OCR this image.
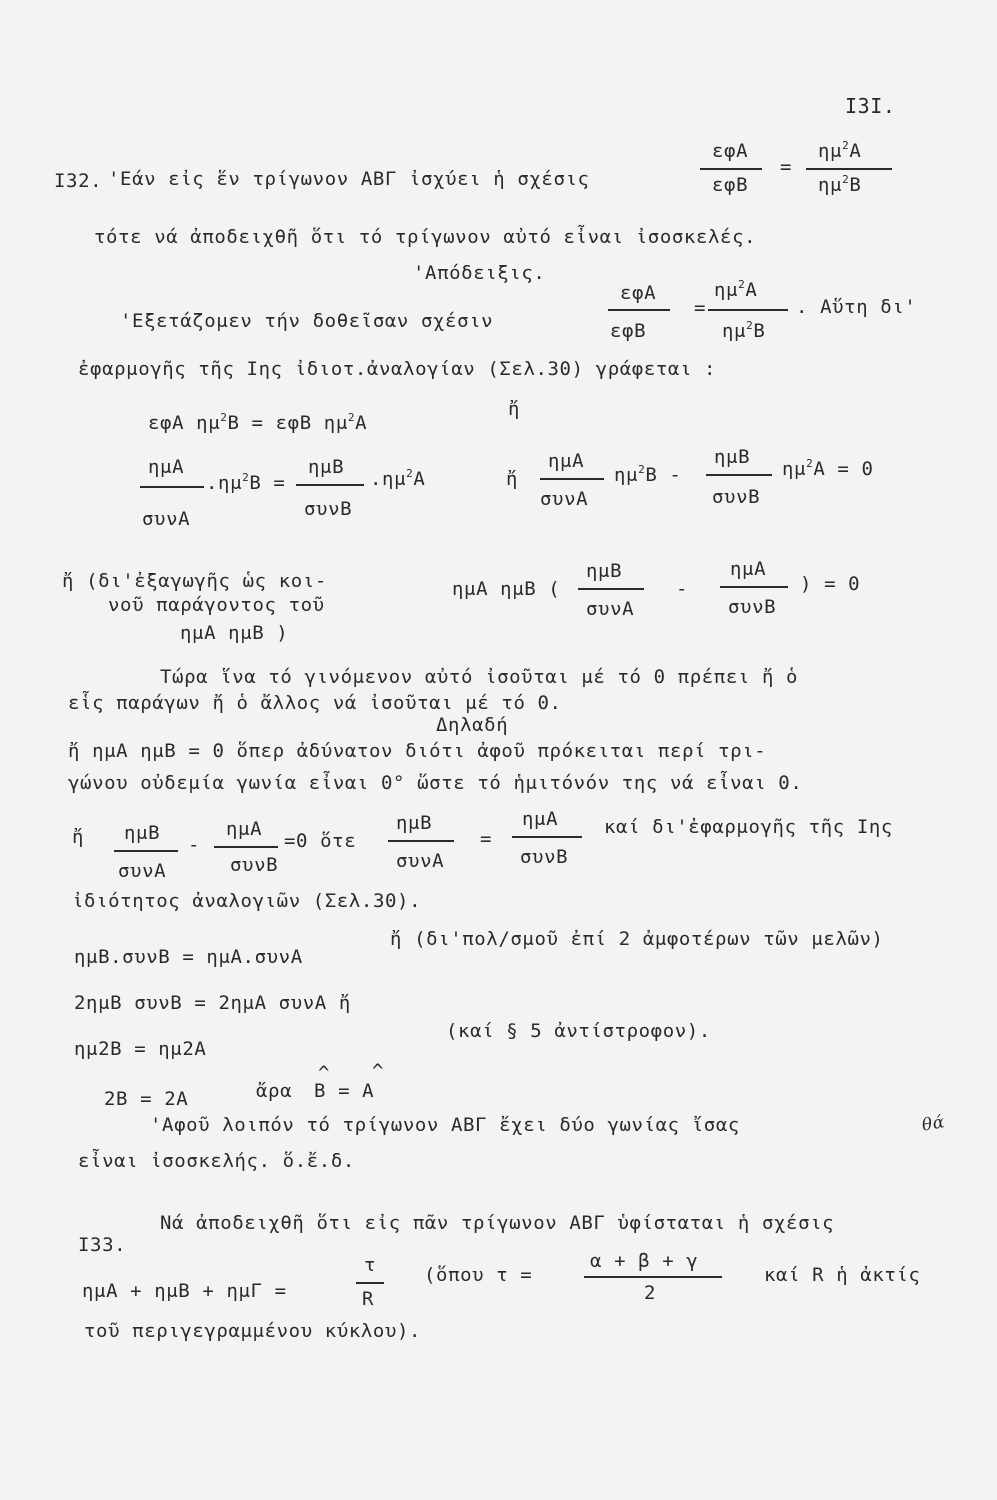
I3I.
I32. 'Εάν εἰς ἕν τρίγωνον ΑΒΓ ἰσχύει ἡ σχέσις
εφΑ
εφΒ
=
$\eta\mu^2A$
$\eta\mu^2B$
τότε νά ἀποδειχθῆ ὅτι τό τρίγωνον αὐτό εἶναι ἰσοσκελές.
'Απόδειξις.
'Εξετάζομεν τήν δοθεῖσαν σχέσιν
εφΑ
εφΒ
=
$\eta\mu^2A$
$\eta\mu^2B$
. Αὕτη δι'
ἐφαρμογῆς τῆς Ιης ἰδιοτ.ἀναλογίαν (Σελ.30) γράφεται :
εφΑ $\eta\mu^2B = \varepsilon\varphi B$ $\eta\mu^2A$
ἤ
ημΑ
συνΑ
$.\eta\mu^2B$ =
ημΒ
συνΒ
$.\eta\mu^2A$	ἤ
ημΑ
συνΑ
$\eta\mu^2B$ -
ημΒ
συνΒ
$\eta\mu^2A = 0$
ἤ (δι'ἐξαγωγῆς ὡς κοι-
νοῦ παράγοντος τοῦ
ημΑ ημΒ )
ημΑ ημΒ (
ημΒ
συνΑ
-
ημΑ
συνΒ
) = 0
Τώρα ἵνα τό γινόμενον αὐτό ἰσοῦται μέ τό 0 πρέπει ἤ ὁ
εἷς παράγων ἤ ὁ ἄλλος νά ἰσοῦται μέ τό 0.
Δηλαδή
ἤ ημΑ ημΒ = 0 ὅπερ ἀδύνατον διότι ἀφοῦ πρόκειται περί τρι-
γώνου οὐδεμία γωνία εἶναι 0° ὥστε τό ἡμιτόνόν της νά εἶναι 0.
ἤ ημΒ
συνΑ
-
ημΑ
συνΒ
=0 ὅτε
ημΒ
συνΑ
=
ημΑ
συνΒ
καί δι'ἐφαρμογῆς τῆς Ιης
ἰδιότητος ἀναλογιῶν (Σελ.30).
ημΒ.συνΒ = ημΑ.συνΑ
ἤ (δι'πολ/σμοῦ ἐπί 2 ἀμφοτέρων τῶν μελῶν)
2ημΒ συνΒ = 2ημΑ συνΑ ἤ
ημ2Β = ημ2Α
(καί § 5 ἀντίστροφον).
2Β = 2Α	ἄρα
^ ^
Β = Α
'Αφοῦ λοιπόν τό τρίγωνον ΑΒΓ ἔχει δύο γωνίας ἴσας	θά
εἶναι ἰσοσκελής. ὅ.ἔ.δ.
I33.
Νά ἀποδειχθῆ ὅτι εἰς πᾶν τρίγωνον ΑΒΓ ὑφίσταται ἡ σχέσις
ημΑ + ημΒ + ημΓ =
τ
R
(ὅπου τ =
α + β + γ
2
καί R ἡ ἀκτίς
τοῦ περιγεγραμμένου κύκλου).
